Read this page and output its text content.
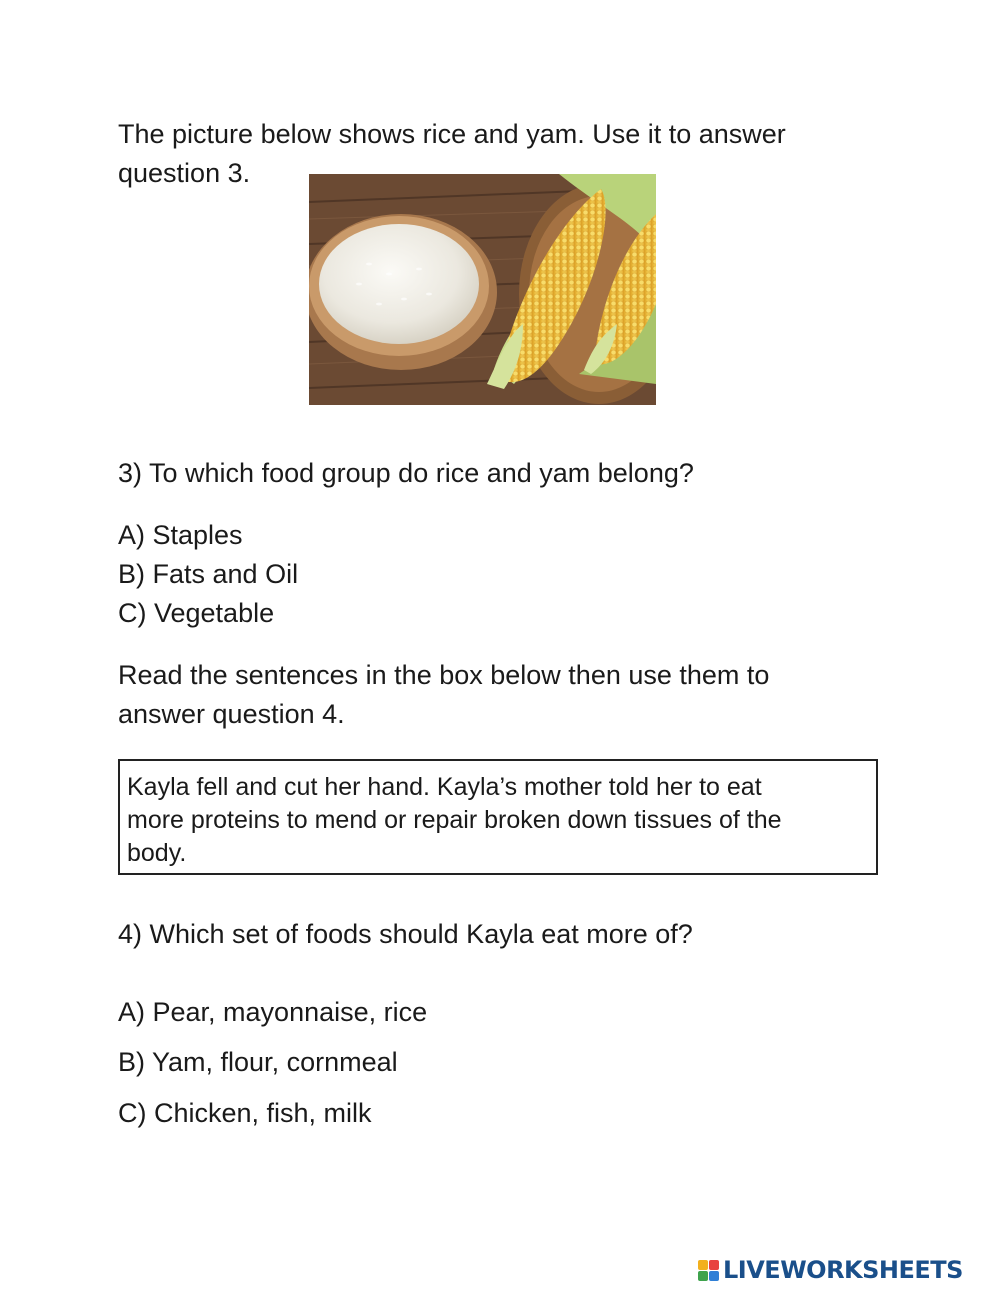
The picture below shows rice and yam. Use it to answer

question 3.

3) To which food group do rice and yam belong?

A) Staples

B) Fats and Oil

C) Vegetable

Read the sentences in the box below then use them to

answer question 4.

Kayla fell and cut her hand. Kayla’s mother told her to eat
more proteins to mend or repair broken down tissues of the
body.

4) Which set of foods should Kayla eat more of?

A) Pear, mayonnaise, rice

B) Yam, flour, cornmeal

C) Chicken, fish, milk

LIVEWORKSHEETS
